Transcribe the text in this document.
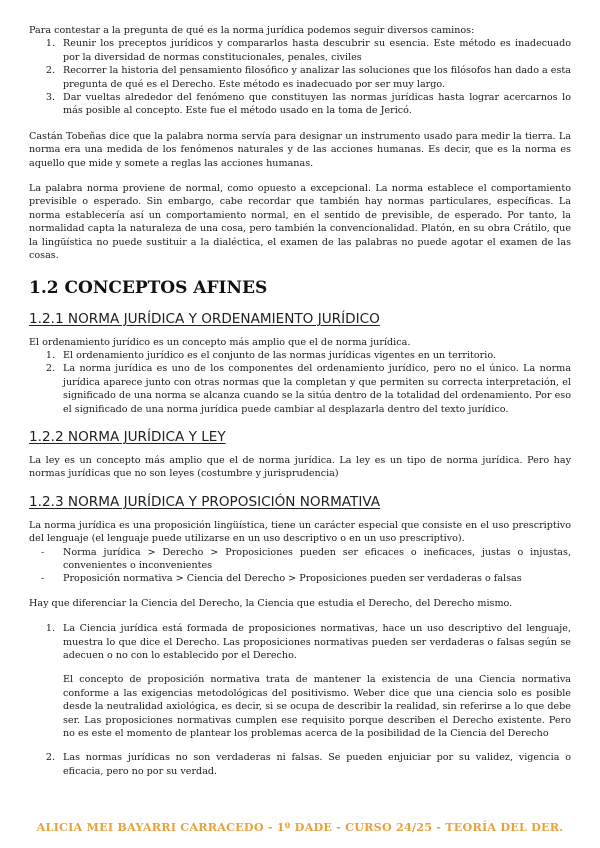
Para contestar a la pregunta de qué es la norma jurídica podemos seguir diversos caminos:

1. Reunir los preceptos jurídicos y compararlos hasta descubrir su esencia. Este método es inadecuado por la diversidad de normas constitucionales, penales, civiles
2. Recorrer la historia del pensamiento filosófico y analizar las soluciones que los filósofos han dado a esta pregunta de qué es el Derecho. Este método es inadecuado por ser muy largo.
3. Dar vueltas alrededor del fenómeno que constituyen las normas jurídicas hasta lograr acercarnos lo más posible al concepto. Este fue el método usado en la toma de Jericó.

Castán Tobeñas dice que la palabra norma servía para designar un instrumento usado para medir la tierra. La norma era una medida de los fenómenos naturales y de las acciones humanas. Es decir, que es la norma es aquello que mide y somete a reglas las acciones humanas.

La palabra norma proviene de normal, como opuesto a excepcional. La norma establece el comportamiento previsible o esperado. Sin embargo, cabe recordar que también hay normas particulares, específicas. La norma establecería así un comportamiento normal, en el sentido de previsible, de esperado. Por tanto, la normalidad capta la naturaleza de una cosa, pero también la convencionalidad. Platón, en su obra Crátilo, que la lingüística no puede sustituir a la dialéctica, el examen de las palabras no puede agotar el examen de las cosas.

1.2 CONCEPTOS AFINES
1.2.1 NORMA JURÍDICA Y ORDENAMIENTO JURÍDICO

El ordenamiento jurídico es un concepto más amplio que el de norma jurídica.

1. El ordenamiento jurídico es el conjunto de las normas jurídicas vigentes en un territorio.
2. La norma jurídica es uno de los componentes del ordenamiento jurídico, pero no el único. La norma jurídica aparece junto con otras normas que la completan y que permiten su correcta interpretación, el significado de una norma se alcanza cuando se la sitúa dentro de la totalidad del ordenamiento. Por eso el significado de una norma jurídica puede cambiar al desplazarla dentro del texto jurídico.
1.2.2 NORMA JURÍDICA Y LEY

La ley es un concepto más amplio que el de norma jurídica. La ley es un tipo de norma jurídica. Pero hay normas jurídicas que no son leyes (costumbre y jurisprudencia)

1.2.3 NORMA JURÍDICA Y PROPOSICIÓN NORMATIVA

La norma jurídica es una proposición lingüística, tiene un carácter especial que consiste en el uso prescriptivo del lenguaje (el lenguaje puede utilizarse en un uso descriptivo o en un uso prescriptivo).

- Norma jurídica > Derecho > Proposiciones pueden ser eficaces o ineficaces, justas o injustas, convenientes o inconvenientes
- Proposición normativa > Ciencia del Derecho > Proposiciones pueden ser verdaderas o falsas

Hay que diferenciar la Ciencia del Derecho, la Ciencia que estudia el Derecho, del Derecho mismo.

1. La Ciencia jurídica está formada de proposiciones normativas, hace un uso descriptivo del lenguaje, muestra lo que dice el Derecho. Las proposiciones normativas pueden ser verdaderas o falsas según se adecuen o no con lo establecido por el Derecho.

El concepto de proposición normativa trata de mantener la existencia de una Ciencia normativa conforme a las exigencias metodológicas del positivismo. Weber dice que una ciencia solo es posible desde la neutralidad axiológica, es decir, si se ocupa de describir la realidad, sin referirse a lo que debe ser. Las proposiciones normativas cumplen ese requisito porque describen el Derecho existente. Pero no es este el momento de plantear los problemas acerca de la posibilidad de la Ciencia del Derecho

2. Las normas jurídicas no son verdaderas ni falsas. Se pueden enjuiciar por su validez, vigencia o eficacia, pero no por su verdad.
ALICIA MEI BAYARRI CARRACEDO - 1º DADE - CURSO 24/25 - TEORÍA DEL DER.
